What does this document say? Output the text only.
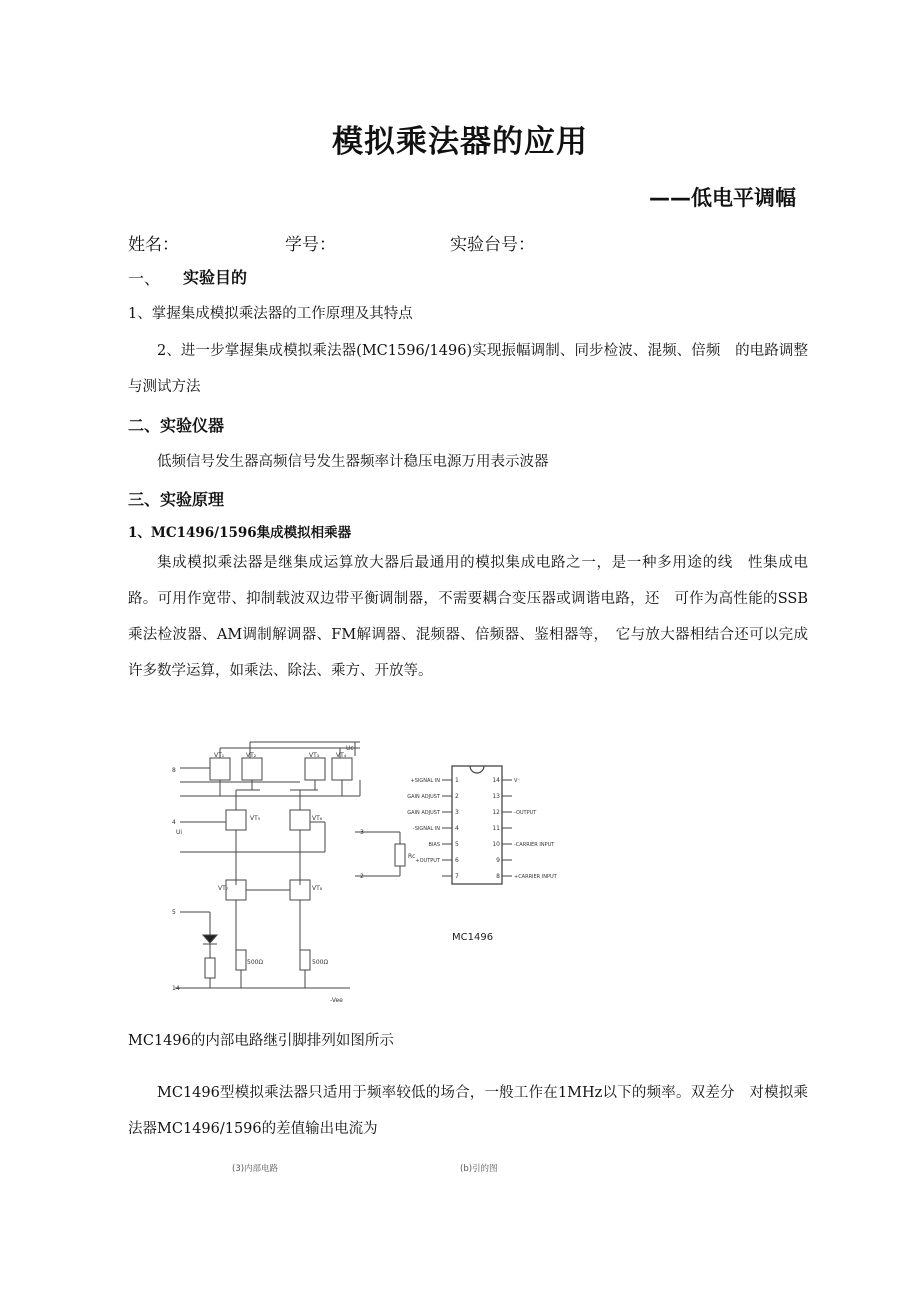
模拟乘法器的应用
——低电平调幅
姓名：	学号：	实验台号：
一、 实验目的
1、掌握集成模拟乘法器的工作原理及其特点
2、进一步掌握集成模拟乘法器(MC1596/1496)实现振幅调制、同步检波、混频、倍频　的电路调整与测试方法
二、实验仪器
低频信号发生器高频信号发生器频率计稳压电源万用表示波器
三、实验原理
1、MC1496/1596集成模拟相乘器
集成模拟乘法器是继集成运算放大器后最通用的模拟集成电路之一，是一种多用途的线　性集成电路。可用作宽带、抑制载波双边带平衡调制器，不需要耦合变压器或调谐电路，还　可作为高性能的SSB乘法检波器、AM调制解调器、FM解调器、混频器、倍频器、鉴相器等，　它与放大器相结合还可以完成许多数学运算，如乘法、除法、乘方、开放等。
VT₁	VT₂	VT₃	VT₄
VT₅	VT₆
VT₇	VT₈
Rc
500Ω	500Ω
Ui
Uc
-Vee
3
2
8
4
5
14
+SIGNAL IN
GAIN ADJUST
GAIN ADJUST
-SIGNAL IN
BIAS
+OUTPUT
V⁻
-OUTPUT
-CARRIER INPUT
+CARRIER INPUT
1
2
3
4
5
6
7
14
13
12
11
10
9
8
MC1496
MC1496的内部电路继引脚排列如图所示
MC1496型模拟乘法器只适用于频率较低的场合，一般工作在1MHz以下的频率。双差分　对模拟乘法器MC1496/1596的差值输出电流为
(3)内部电路	(b)引的图
